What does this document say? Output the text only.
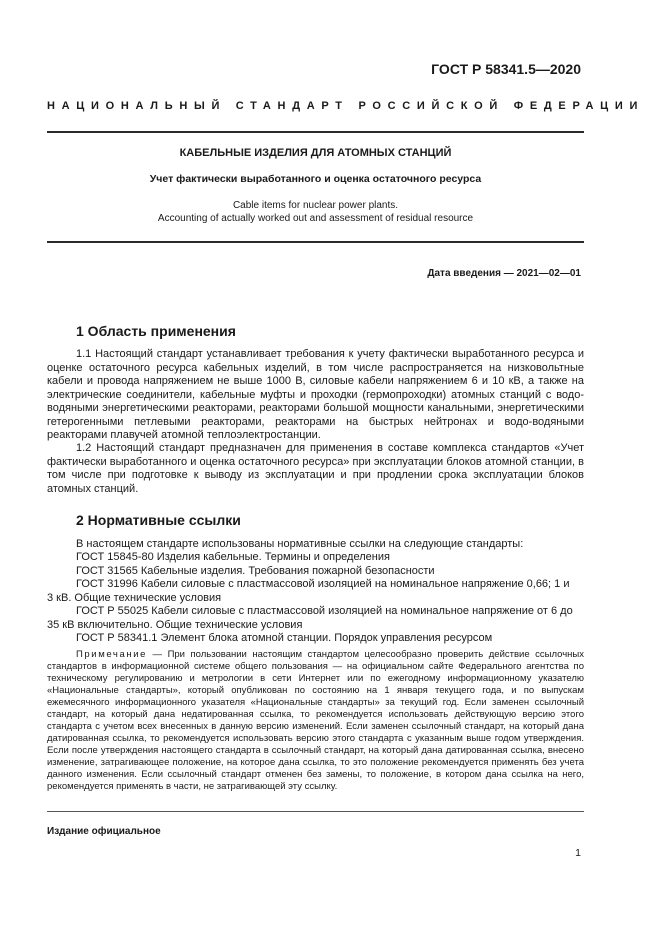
ГОСТ Р 58341.5—2020
НАЦИОНАЛЬНЫЙ СТАНДАРТ РОССИЙСКОЙ ФЕДЕРАЦИИ
КАБЕЛЬНЫЕ ИЗДЕЛИЯ ДЛЯ АТОМНЫХ СТАНЦИЙ
Учет фактически выработанного и оценка остаточного ресурса
Cable items for nuclear power plants.
Accounting of actually worked out and assessment of residual resource
Дата введения — 2021—02—01
1 Область применения
1.1 Настоящий стандарт устанавливает требования к учету фактически выработанного ресурса и оценке остаточного ресурса кабельных изделий, в том числе распространяется на низковольтные кабели и провода напряжением не выше 1000 В, силовые кабели напряжением 6 и 10 кВ, а также на электрические соединители, кабельные муфты и проходки (гермопроходки) атомных станций с водо-водяными энергетическими реакторами, реакторами большой мощности канальными, энергетическими гетерогенными петлевыми реакторами, реакторами на быстрых нейтронах и водо-водяными реакторами плавучей атомной теплоэлектростанции.
1.2 Настоящий стандарт предназначен для применения в составе комплекса стандартов «Учет фактически выработанного и оценка остаточного ресурса» при эксплуатации блоков атомной станции, в том числе при подготовке к выводу из эксплуатации и при продлении срока эксплуатации блоков атомных станций.
2 Нормативные ссылки
В настоящем стандарте использованы нормативные ссылки на следующие стандарты:
ГОСТ 15845-80 Изделия кабельные. Термины и определения
ГОСТ 31565 Кабельные изделия. Требования пожарной безопасности
ГОСТ 31996 Кабели силовые с пластмассовой изоляцией на номинальное напряжение 0,66; 1 и
3 кВ. Общие технические условия
ГОСТ Р 55025 Кабели силовые с пластмассовой изоляцией на номинальное напряжение от 6 до
35 кВ включительно. Общие технические условия
ГОСТ Р 58341.1 Элемент блока атомной станции. Порядок управления ресурсом
Примечание — При пользовании настоящим стандартом целесообразно проверить действие ссылочных стандартов в информационной системе общего пользования — на официальном сайте Федерального агентства по техническому регулированию и метрологии в сети Интернет или по ежегодному информационному указателю «Национальные стандарты», который опубликован по состоянию на 1 января текущего года, и по выпускам ежемесячного информационного указателя «Национальные стандарты» за текущий год. Если заменен ссылочный стандарт, на который дана недатированная ссылка, то рекомендуется использовать действующую версию этого стандарта с учетом всех внесенных в данную версию изменений. Если заменен ссылочный стандарт, на который дана датированная ссылка, то рекомендуется использовать версию этого стандарта с указанным выше годом утверждения. Если после утверждения настоящего стандарта в ссылочный стандарт, на который дана датированная ссылка, внесено изменение, затрагивающее положение, на которое дана ссылка, то это положение рекомендуется применять без учета данного изменения. Если ссылочный стандарт отменен без замены, то положение, в котором дана ссылка на него, рекомендуется применять в части, не затрагивающей эту ссылку.
Издание официальное
1
